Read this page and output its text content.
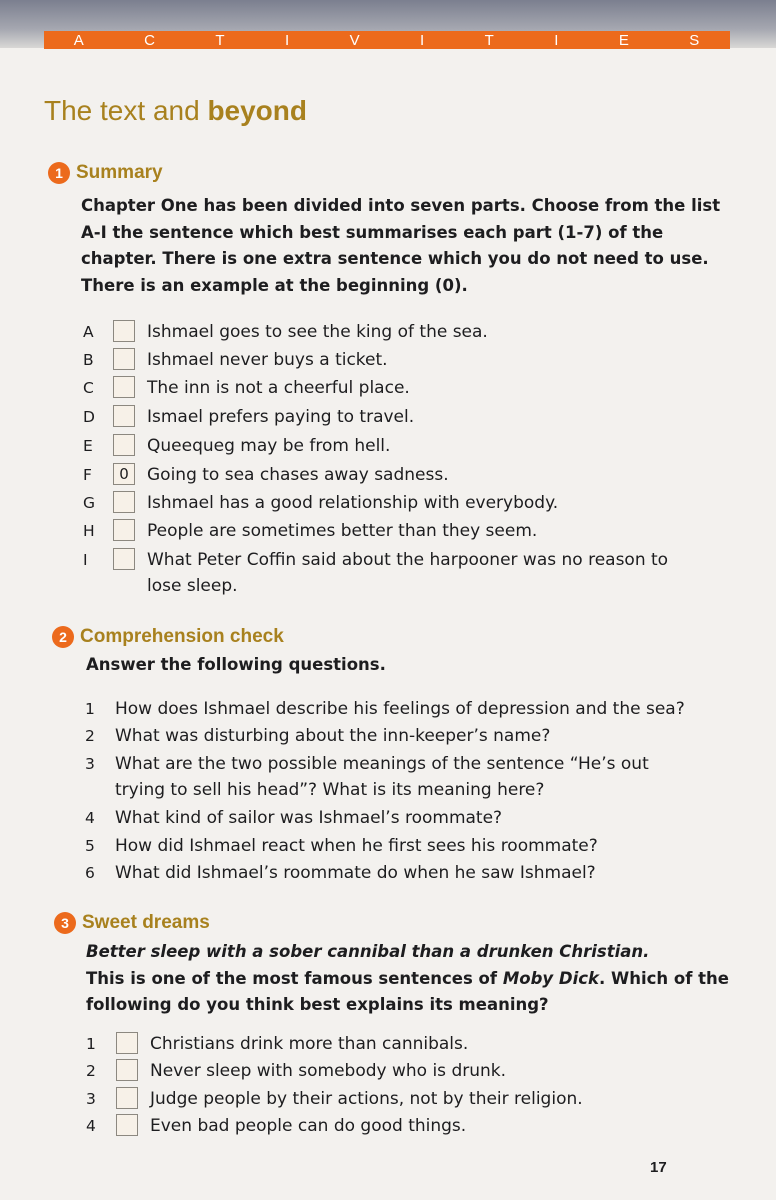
A	C	T	I	V	I	T	I	E	S
The text and beyond
1 Summary
Chapter One has been divided into seven parts. Choose from the list
A-I the sentence which best summarises each part (1-7) of the
chapter. There is one extra sentence which you do not need to use.
There is an example at the beginning (0).
A	Ishmael goes to see the king of the sea.
B	Ishmael never buys a ticket.
C	The inn is not a cheerful place.
D	Ismael prefers paying to travel.
E	Queequeg may be from hell.
F	0	Going to sea chases away sadness.
G	Ishmael has a good relationship with everybody.
H	People are sometimes better than they seem.
I	What Peter Coffin said about the harpooner was no reason to
lose sleep.
2 Comprehension check
Answer the following questions.
1	How does Ishmael describe his feelings of depression and the sea?
2	What was disturbing about the inn-keeper’s name?
3	What are the two possible meanings of the sentence “He’s out
trying to sell his head”? What is its meaning here?
4	What kind of sailor was Ishmael’s roommate?
5	How did Ishmael react when he first sees his roommate?
6	What did Ishmael’s roommate do when he saw Ishmael?
3 Sweet dreams
Better sleep with a sober cannibal than a drunken Christian.
This is one of the most famous sentences of Moby Dick. Which of the
following do you think best explains its meaning?
1	Christians drink more than cannibals.
2	Never sleep with somebody who is drunk.
3	Judge people by their actions, not by their religion.
4	Even bad people can do good things.
17
